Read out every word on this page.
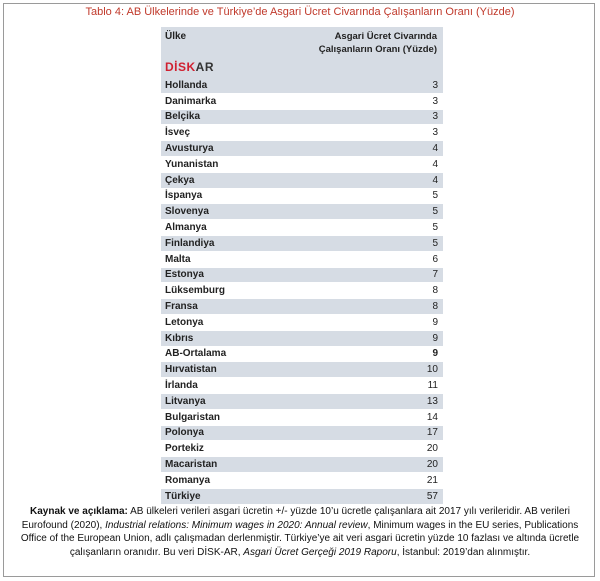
Tablo 4: AB Ülkelerinde ve Türkiye’de Asgari Ücret Civarında Çalışanların Oranı (Yüzde)
Ülke	Asgari Ücret Civarında Çalışanların Oranı (Yüzde)
DİSKAR
Hollanda	3
Danimarka	3
Belçika	3
İsveç	3
Avusturya	4
Yunanistan	4
Çekya	4
İspanya	5
Slovenya	5
Almanya	5
Finlandiya	5
Malta	6
Estonya	7
Lüksemburg	8
Fransa	8
Letonya	9
Kıbrıs	9
AB-Ortalama	9
Hırvatistan	10
İrlanda	11
Litvanya	13
Bulgaristan	14
Polonya	17
Portekiz	20
Macaristan	20
Romanya	21
Türkiye	57
Kaynak ve açıklama: AB ülkeleri verileri asgari ücretin +/- yüzde 10’u ücretle çalışanlara ait 2017 yılı verileridir. AB verileri Eurofound (2020), Industrial relations: Minimum wages in 2020: Annual review, Minimum wages in the EU series, Publications Office of the European Union, adlı çalışmadan derlenmiştir. Türkiye’ye ait veri asgari ücretin yüzde 10 fazlası ve altında ücretle çalışanların oranıdır. Bu veri DİSK-AR, Asgari Ücret Gerçeği 2019 Raporu, İstanbul: 2019’dan alınmıştır.
